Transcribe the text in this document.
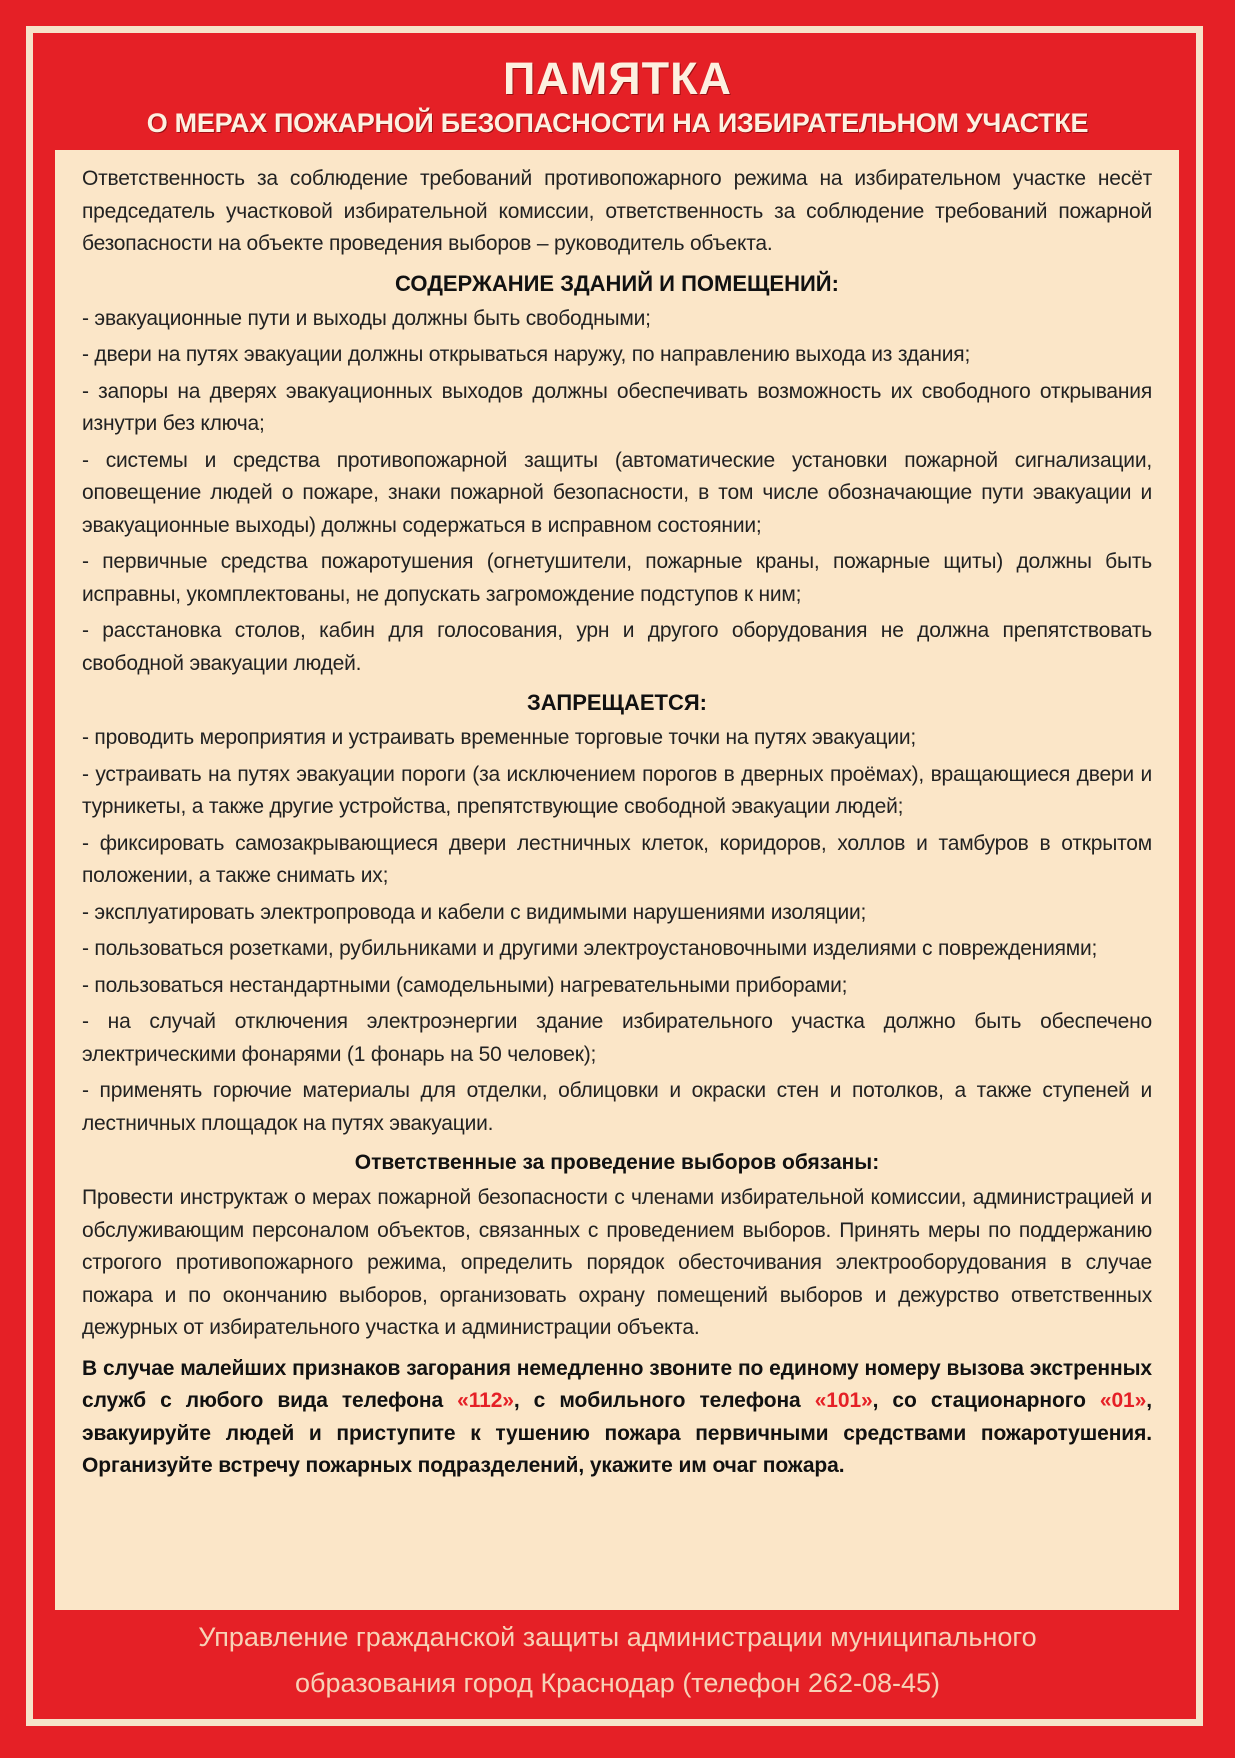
ПАМЯТКА
О МЕРАХ ПОЖАРНОЙ БЕЗОПАСНОСТИ НА ИЗБИРАТЕЛЬНОМ УЧАСТКЕ

Ответственность за соблюдение требований противопожарного режима на избирательном участке несёт председатель участковой избирательной комиссии, ответственность за соблюдение требований пожарной безопасности на объекте проведения выборов – руководитель объекта.

СОДЕРЖАНИЕ ЗДАНИЙ И ПОМЕЩЕНИЙ:

- эвакуационные пути и выходы должны быть свободными;

- двери на путях эвакуации должны открываться наружу, по направлению выхода из здания;

- запоры на дверях эвакуационных выходов должны обеспечивать возможность их свободного открывания изнутри без ключа;

- системы и средства противопожарной защиты (автоматические установки пожарной сигнализации, оповещение людей о пожаре, знаки пожарной безопасности, в том числе обозначающие пути эвакуации и эвакуационные выходы) должны содержаться в исправном состоянии;

- первичные средства пожаротушения (огнетушители, пожарные краны, пожарные щиты) должны быть исправны, укомплектованы, не допускать загромождение подступов к ним;

- расстановка столов, кабин для голосования, урн и другого оборудования не должна препятствовать свободной эвакуации людей.

ЗАПРЕЩАЕТСЯ:

- проводить мероприятия и устраивать временные торговые точки на путях эвакуации;

- устраивать на путях эвакуации пороги (за исключением порогов в дверных проёмах), вращающиеся двери и турникеты, а также другие устройства, препятствующие свободной эвакуации людей;

- фиксировать самозакрывающиеся двери лестничных клеток, коридоров, холлов и тамбуров в открытом положении, а также снимать их;

- эксплуатировать электропровода и кабели с видимыми нарушениями изоляции;

- пользоваться розетками, рубильниками и другими электроустановочными изделиями с повреждениями;

- пользоваться нестандартными (самодельными) нагревательными приборами;

- на случай отключения электроэнергии здание избирательного участка должно быть обеспечено электрическими фонарями (1 фонарь на 50 человек);

- применять горючие материалы для отделки, облицовки и окраски стен и потолков, а также ступеней и лестничных площадок на путях эвакуации.

Ответственные за проведение выборов обязаны:

Провести инструктаж о мерах пожарной безопасности с членами избирательной комиссии, администрацией и обслуживающим персоналом объектов, связанных с проведением выборов. Принять меры по поддержанию строгого противопожарного режима, определить порядок обесточивания электрооборудования в случае пожара и по окончанию выборов, организовать охрану помещений выборов и дежурство ответственных дежурных от избирательного участка и администрации объекта.

В случае малейших признаков загорания немедленно звоните по единому номеру вызова экстренных служб с любого вида телефона «112», с мобильного телефона «101», со стационарного «01», эвакуируйте людей и приступите к тушению пожара первичными средствами пожаротушения. Организуйте встречу пожарных подразделений, укажите им очаг пожара.

Управление гражданской защиты администрации муниципального
образования город Краснодар (телефон 262-08-45)
